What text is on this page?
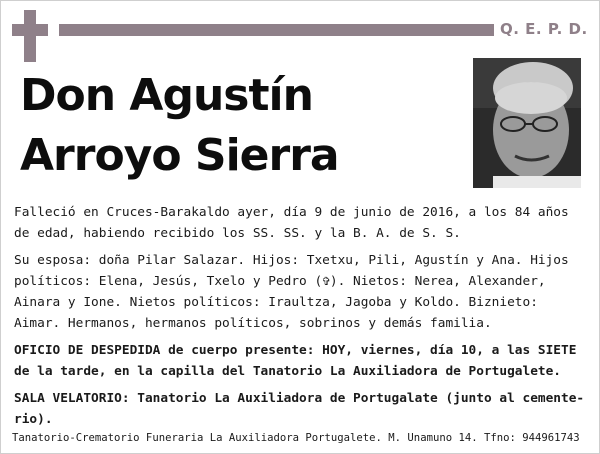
Q. E. P. D.
Don Agustín
Arroyo Sierra

Falleció en Cruces-Barakaldo ayer, día 9 de junio de 2016, a los 84 años de edad, habiendo recibido los SS. SS. y la B. A. de S. S.

Su esposa: doña Pilar Salazar. Hijos: Txetxu, Pili, Agustín y Ana. Hijos políticos: Elena, Jesús, Txelo y Pedro (✞). Nietos: Nerea, Alexander, Ainara y Ione. Nietos políticos: Iraultza, Jagoba y Koldo. Biznieto: Aimar. Hermanos, hermanos políticos, sobrinos y demás familia.

OFICIO DE DESPEDIDA de cuerpo presente: HOY, viernes, día 10, a las SIETE de la tarde, en la capilla del Tanatorio La Auxiliadora de Portugalete.

SALA VELATORIO: Tanatorio La Auxiliadora de Portugalate (junto al cemente-rio).

Tanatorio-Crematorio Funeraria La Auxiliadora Portugalete. M. Unamuno 14. Tfno: 944961743
